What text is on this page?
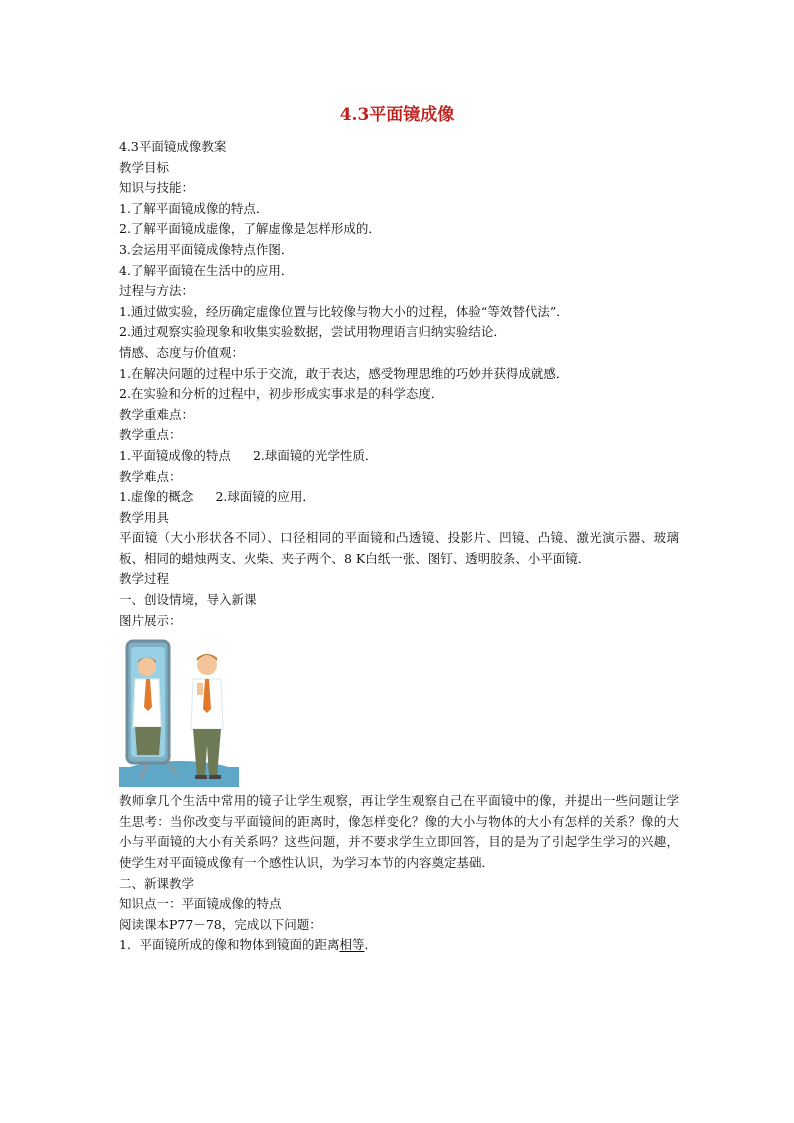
4.3平面镜成像
4.3平面镜成像教案
教学目标
知识与技能：
1.了解平面镜成像的特点．
2.了解平面镜成虚像，了解虚像是怎样形成的．
3.会运用平面镜成像特点作图．
4.了解平面镜在生活中的应用．
过程与方法：
1.通过做实验，经历确定虚像位置与比较像与物大小的过程，体验“等效替代法”．
2.通过观察实验现象和收集实验数据，尝试用物理语言归纳实验结论．
情感、态度与价值观：
1.在解决问题的过程中乐于交流，敢于表达，感受物理思维的巧妙并获得成就感．
2.在实验和分析的过程中，初步形成实事求是的科学态度．
教学重难点：
教学重点：
1.平面镜成像的特点 2.球面镜的光学性质．
教学难点：
1.虚像的概念 2.球面镜的应用．
教学用具
平面镜（大小形状各不同）、口径相同的平面镜和凸透镜、投影片、凹镜、凸镜、激光演示器、玻璃板、相同的蜡烛两支、火柴、夹子两个、8 K白纸一张、图钉、透明胶条、小平面镜．
教学过程
一、创设情境，导入新课
图片展示：
教师拿几个生活中常用的镜子让学生观察，再让学生观察自己在平面镜中的像，并提出一些问题让学生思考：当你改变与平面镜间的距离时，像怎样变化？像的大小与物体的大小有怎样的关系？像的大小与平面镜的大小有关系吗？这些问题，并不要求学生立即回答，目的是为了引起学生学习的兴趣，使学生对平面镜成像有一个感性认识，为学习本节的内容奠定基础．
二、新课教学
知识点一：平面镜成像的特点
阅读课本P77－78，完成以下问题：
1．平面镜所成的像和物体到镜面的距离相等．
